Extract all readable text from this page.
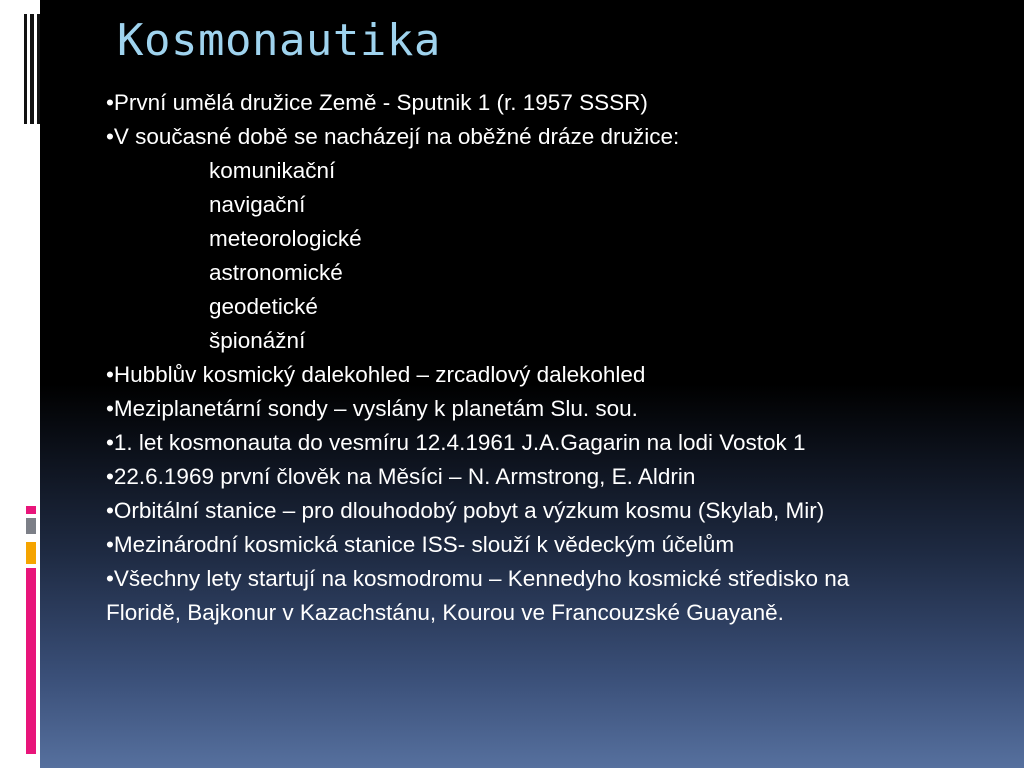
Kosmonautika
•První umělá družice Země - Sputnik 1 (r. 1957 SSSR)
•V současné době se nacházejí na oběžné dráze družice:
komunikační
navigační
meteorologické
astronomické
geodetické
špionážní
•Hubblův kosmický dalekohled – zrcadlový dalekohled
•Meziplanetární sondy – vyslány k planetám Slu. sou.
•1. let kosmonauta do vesmíru 12.4.1961 J.A.Gagarin na lodi Vostok 1
•22.6.1969 první člověk na Měsíci – N. Armstrong, E. Aldrin
•Orbitální stanice – pro dlouhodobý pobyt a výzkum kosmu (Skylab, Mir)
•Mezinárodní kosmická stanice ISS- slouží k vědeckým účelům
•Všechny lety startují na kosmodromu – Kennedyho kosmické středisko na Floridě, Bajkonur v Kazachstánu, Kourou ve Francouzské Guayaně.
